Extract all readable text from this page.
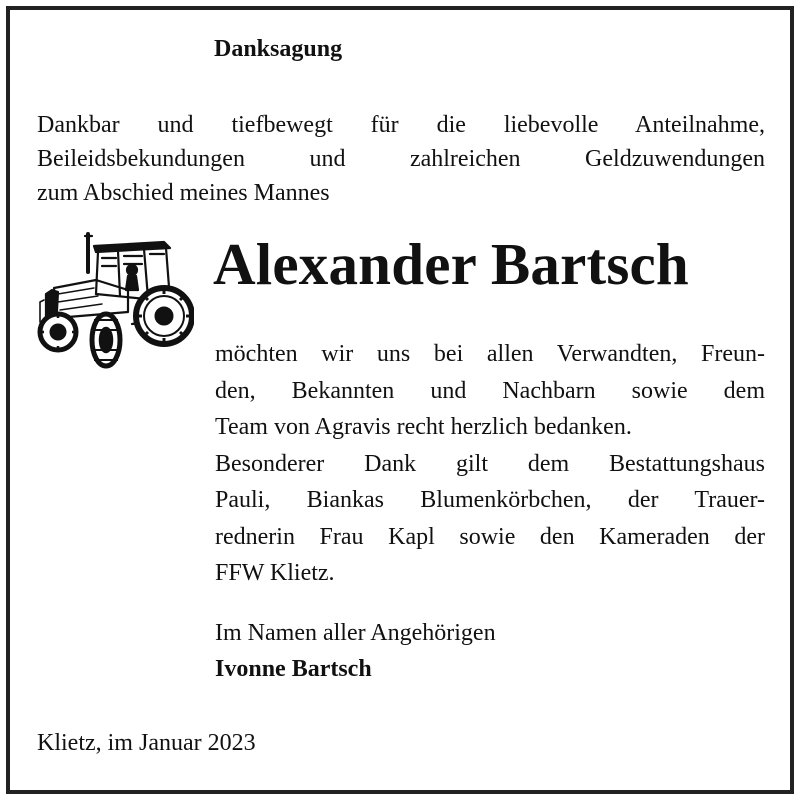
Danksagung
Dankbar und tiefbewegt für die liebevolle Anteilnahme,
Beileidsbekundungen und zahlreichen Geldzuwendungen
zum Abschied meines Mannes
Alexander Bartsch
möchten wir uns bei allen Verwandten, Freun-
den, Bekannten und Nachbarn sowie dem
Team von Agravis recht herzlich bedanken.
Besonderer Dank gilt dem Bestattungshaus
Pauli, Biankas Blumenkörbchen, der Trauer-
rednerin Frau Kapl sowie den Kameraden der
FFW Klietz.

Im Namen aller Angehörigen

Ivonne Bartsch

Klietz, im Januar 2023
